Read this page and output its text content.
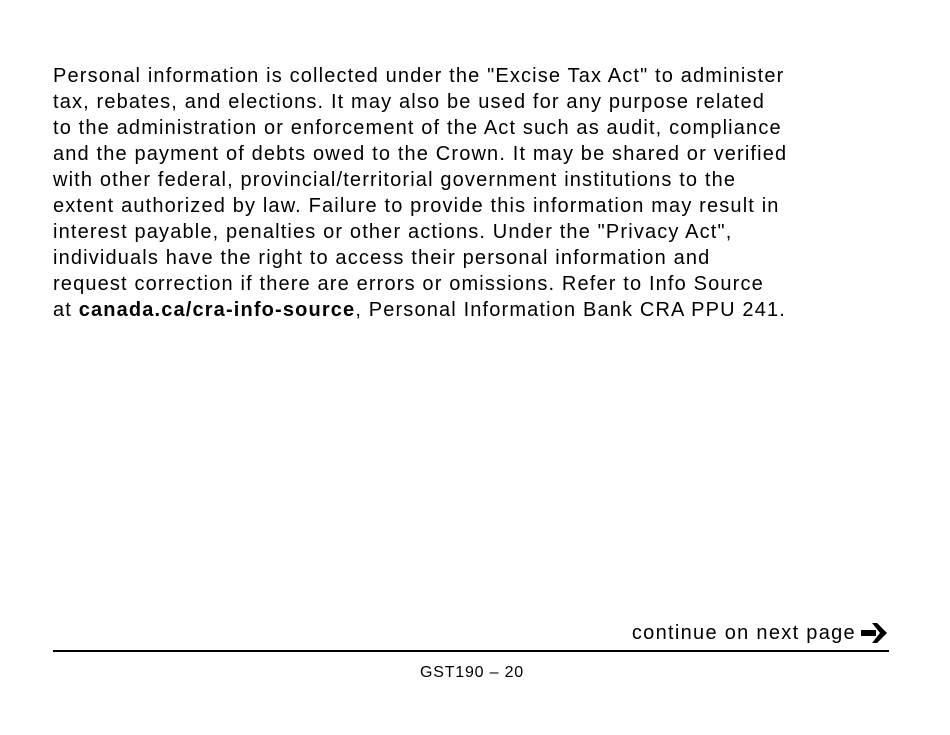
Personal information is collected under the "Excise Tax Act" to administer
tax, rebates, and elections. It may also be used for any purpose related
to the administration or enforcement of the Act such as audit, compliance
and the payment of debts owed to the Crown. It may be shared or verified
with other federal, provincial/territorial government institutions to the
extent authorized by law. Failure to provide this information may result in
interest payable, penalties or other actions. Under the "Privacy Act",
individuals have the right to access their personal information and
request correction if there are errors or omissions. Refer to Info Source
at canada.ca/cra-info-source, Personal Information Bank CRA PPU 241.
continue on next page
GST190 – 20
